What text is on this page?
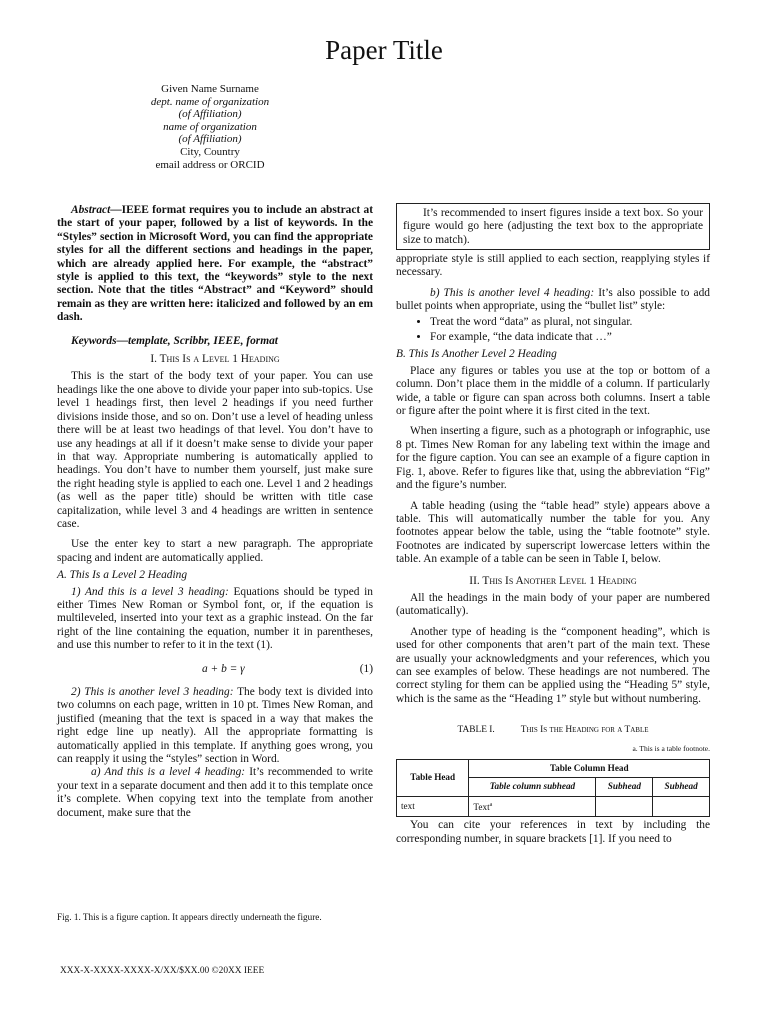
Paper Title
Given Name Surname
dept. name of organization
(of Affiliation)
name of organization
(of Affiliation)
City, Country
email address or ORCID

Abstract—IEEE format requires you to include an abstract at the start of your paper, followed by a list of keywords. In the “Styles” section in Microsoft Word, you can find the appropriate styles for all the different sections and headings in the paper, which are already applied here. For example, the “abstract” style is applied to this text, the “keywords” style to the next section. Note that the titles “Abstract” and “Keyword” should remain as they are written here: italicized and followed by an em dash.

Keywords—template, Scribbr, IEEE, format

I. This Is a Level 1 Heading

This is the start of the body text of your paper. You can use headings like the one above to divide your paper into sub-topics. Use level 1 headings first, then level 2 headings if you need further divisions inside those, and so on. Don’t use a level of heading unless there will be at least two headings of that level. You don’t have to use any headings at all if it doesn’t make sense to divide your paper in that way. Appropriate numbering is automatically applied to headings. You don’t have to number them yourself, just make sure the right heading style is applied to each one. Level 1 and 2 headings (as well as the paper title) should be written with title case capitalization, while level 3 and 4 headings are written in sentence case.

Use the enter key to start a new paragraph. The appropriate spacing and indent are automatically applied.

A. This Is a Level 2 Heading

1) And this is a level 3 heading: Equations should be typed in either Times New Roman or Symbol font, or, if the equation is multileveled, inserted into your text as a graphic instead. On the far right of the line containing the equation, number it in parentheses, and use this number to refer to it in the text (1).

a + b = γ	(1)

2) This is another level 3 heading: The body text is divided into two columns on each page, written in 10 pt. Times New Roman, and justified (meaning that the text is spaced in a way that makes the right edge line up neatly). All the appropriate formatting is automatically applied in this template. If anything goes wrong, you can reapply it using the “styles” section in Word.

a) And this is a level 4 heading: It’s recommended to write your text in a separate document and then add it to this template once it’s complete. When copying text into the template from another document, make sure that the

Fig. 1. This is a figure caption. It appears directly underneath the figure.

It’s recommended to insert figures inside a text box. So your figure would go here (adjusting the text box to the appropriate size to match).

appropriate style is still applied to each section, reapplying styles if necessary.

b) This is another level 4 heading: It’s also possible to add bullet points when appropriate, using the “bullet list” style:

• Treat the word “data” as plural, not singular.
• For example, “the data indicate that …”

B. This Is Another Level 2 Heading

Place any figures or tables you use at the top or bottom of a column. Don’t place them in the middle of a column. If particularly wide, a table or figure can span across both columns. Insert a table or figure after the point where it is first cited in the text.

When inserting a figure, such as a photograph or infographic, use 8 pt. Times New Roman for any labeling text within the image and for the figure caption. You can see an example of a figure caption in Fig. 1, above. Refer to figures like that, using the abbreviation “Fig” and the figure’s number.

A table heading (using the “table head” style) appears above a table. This will automatically number the table for you. Any footnotes appear below the table, using the “table footnote” style. Footnotes are indicated by superscript lowercase letters within the table. An example of a table can be seen in Table I, below.

II. This Is Another Level 1 Heading

All the headings in the main body of your paper are numbered (automatically).

Another type of heading is the “component heading”, which is used for other components that aren’t part of the main text. These are usually your acknowledgments and your references, which you can see examples of below. These headings are not numbered. The correct styling for them can be applied using the “Heading 5” style, which is the same as the “Heading 1” style but without numbering.

TABLE I.	This Is the Heading for a Table
a. This is a table footnote.
Table Head	Table Column Head		
	Table column subhead	Subhead	Subhead
text	Text$^a$		

You can cite your references in text by including the corresponding number, in square brackets [1]. If you need to

XXX-X-XXXX-XXXX-X/XX/$XX.00 ©20XX IEEE
